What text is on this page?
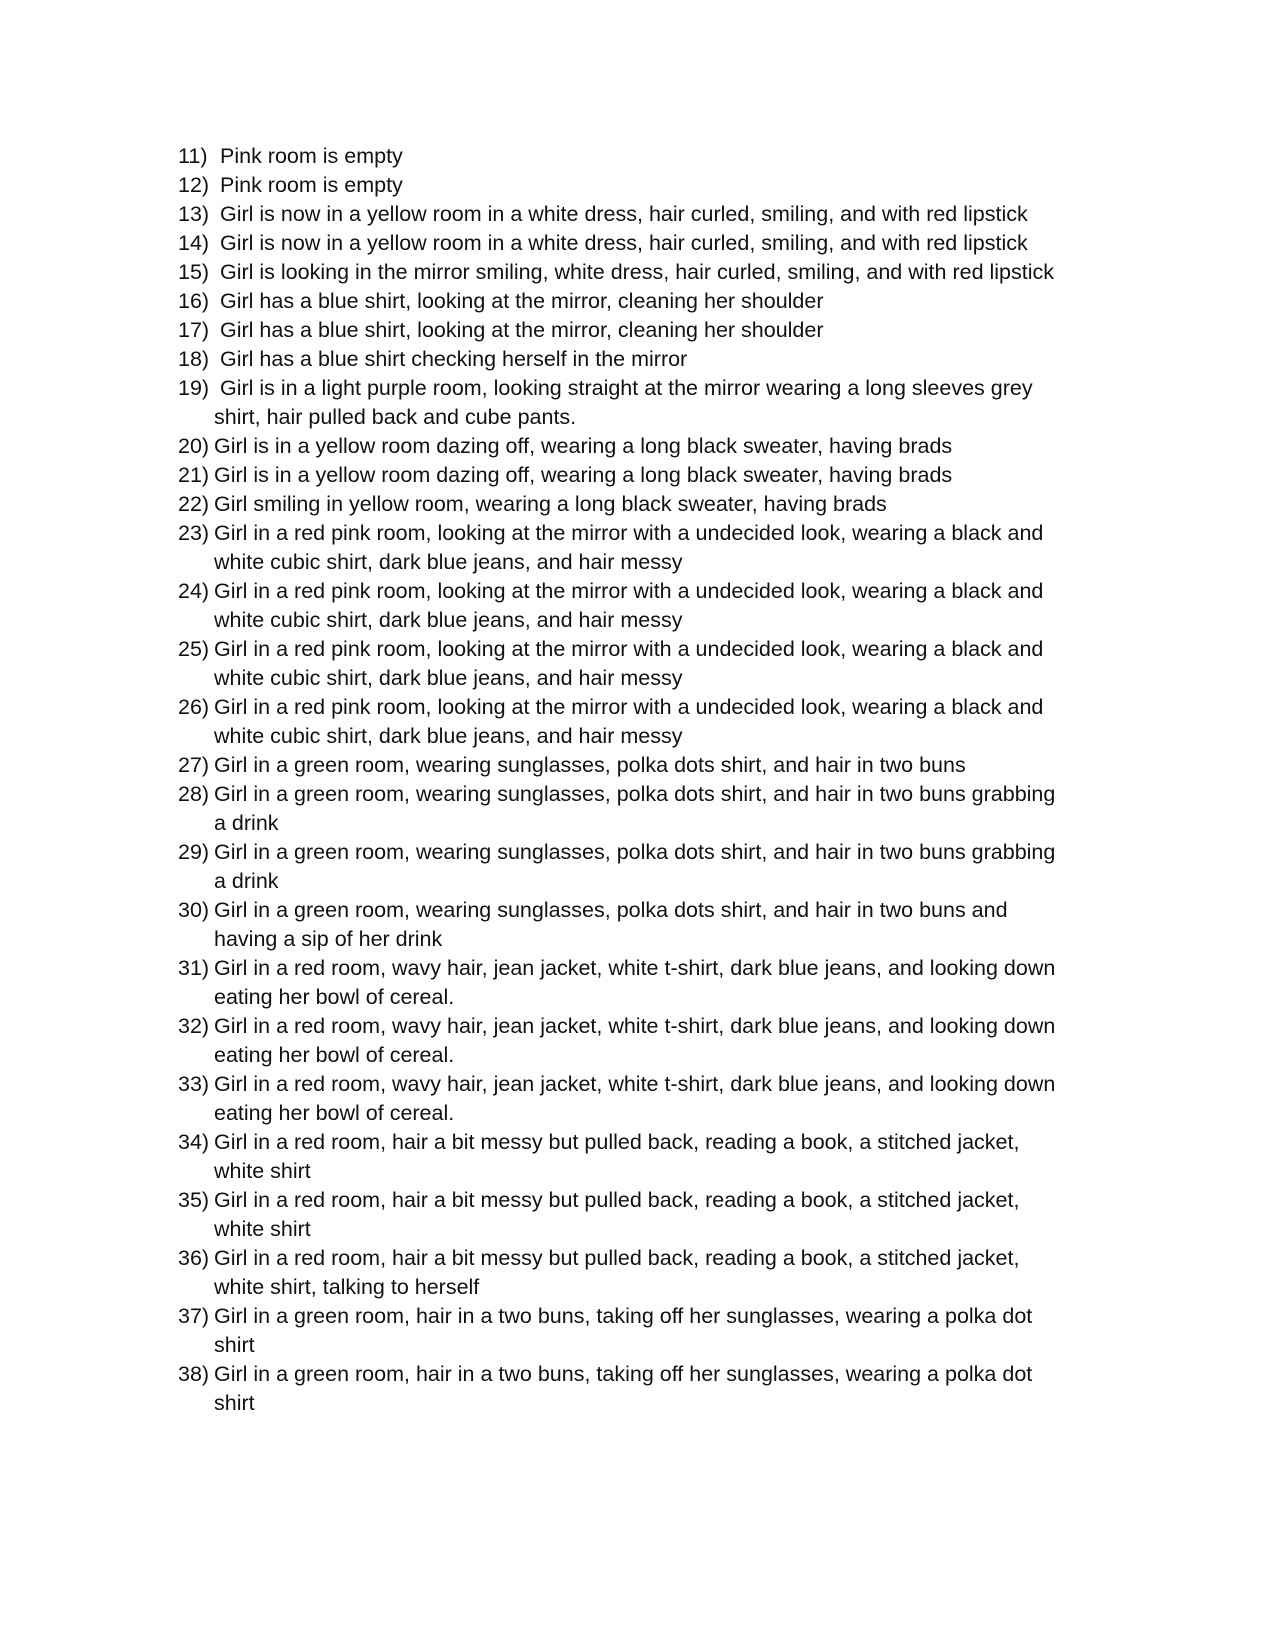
11) Pink room is empty
12) Pink room is empty
13) Girl is now in a yellow room in a white dress, hair curled, smiling, and with red lipstick
14) Girl is now in a yellow room in a white dress, hair curled, smiling, and with red lipstick
15) Girl is looking in the mirror smiling, white dress, hair curled, smiling, and with red lipstick
16) Girl has a blue shirt, looking at the mirror, cleaning her shoulder
17) Girl has a blue shirt, looking at the mirror, cleaning her shoulder
18) Girl has a blue shirt checking herself in the mirror
19) Girl is in a light purple room, looking straight at the mirror wearing a long sleeves grey
shirt, hair pulled back and cube pants.
20) Girl is in a yellow room dazing off, wearing a long black sweater, having brads
21) Girl is in a yellow room dazing off, wearing a long black sweater, having brads
22) Girl smiling in yellow room, wearing a long black sweater, having brads
23) Girl in a red pink room, looking at the mirror with a undecided look, wearing a black and
white cubic shirt, dark blue jeans, and hair messy
24) Girl in a red pink room, looking at the mirror with a undecided look, wearing a black and
white cubic shirt, dark blue jeans, and hair messy
25) Girl in a red pink room, looking at the mirror with a undecided look, wearing a black and
white cubic shirt, dark blue jeans, and hair messy
26) Girl in a red pink room, looking at the mirror with a undecided look, wearing a black and
white cubic shirt, dark blue jeans, and hair messy
27) Girl in a green room, wearing sunglasses, polka dots shirt, and hair in two buns
28) Girl in a green room, wearing sunglasses, polka dots shirt, and hair in two buns grabbing
a drink
29) Girl in a green room, wearing sunglasses, polka dots shirt, and hair in two buns grabbing
a drink
30) Girl in a green room, wearing sunglasses, polka dots shirt, and hair in two buns and
having a sip of her drink
31) Girl in a red room, wavy hair, jean jacket, white t-shirt, dark blue jeans, and looking down
eating her bowl of cereal.
32) Girl in a red room, wavy hair, jean jacket, white t-shirt, dark blue jeans, and looking down
eating her bowl of cereal.
33) Girl in a red room, wavy hair, jean jacket, white t-shirt, dark blue jeans, and looking down
eating her bowl of cereal.
34) Girl in a red room, hair a bit messy but pulled back, reading a book, a stitched jacket,
white shirt
35) Girl in a red room, hair a bit messy but pulled back, reading a book, a stitched jacket,
white shirt
36) Girl in a red room, hair a bit messy but pulled back, reading a book, a stitched jacket,
white shirt, talking to herself
37) Girl in a green room, hair in a two buns, taking off her sunglasses, wearing a polka dot
shirt
38) Girl in a green room, hair in a two buns, taking off her sunglasses, wearing a polka dot
shirt
